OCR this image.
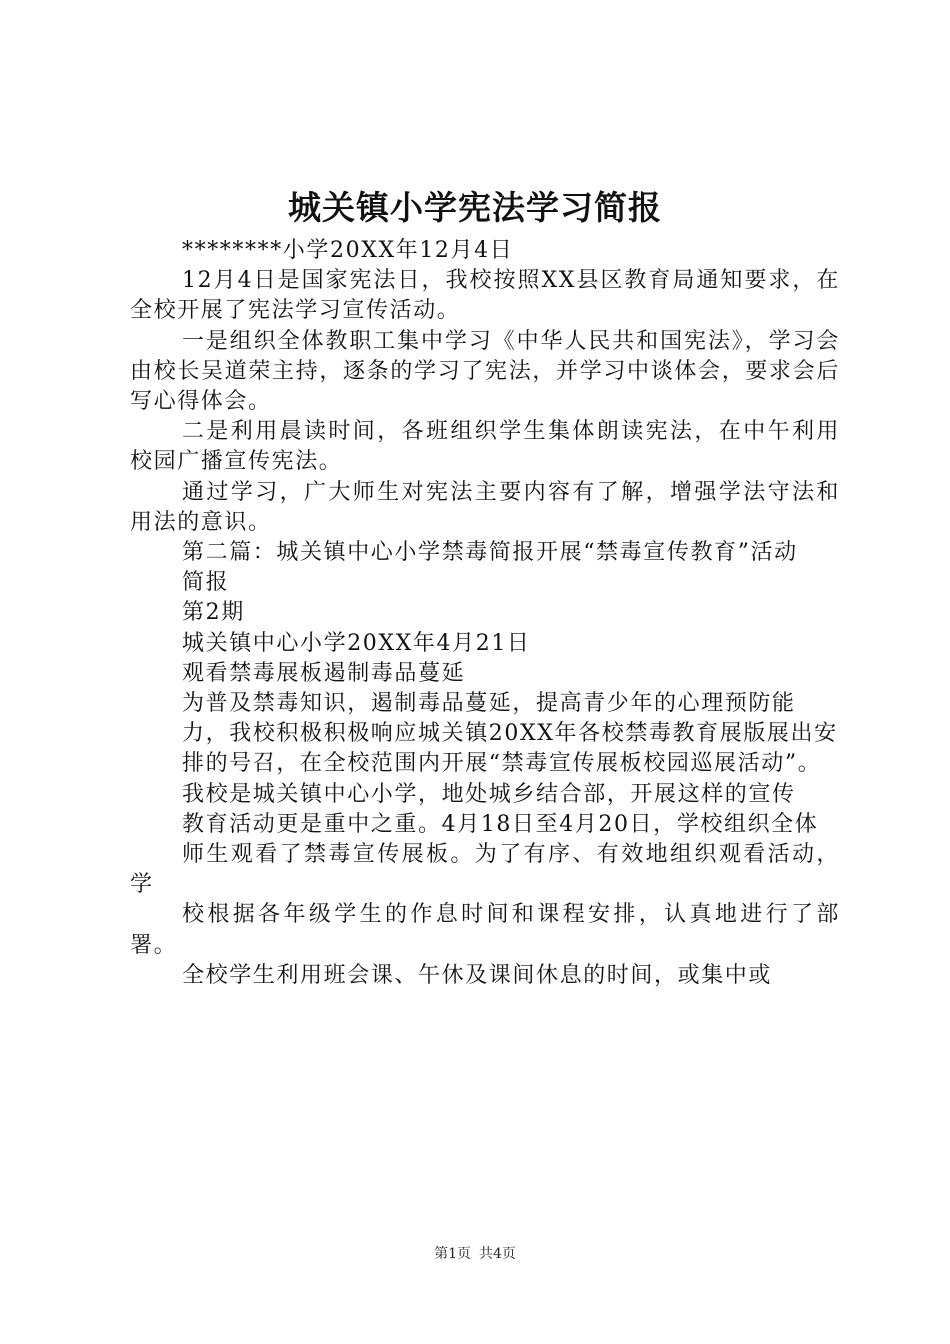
城关镇小学宪法学习简报

********小学20XX年12月4日

12月4日是国家宪法日，我校按照XX县区教育局通知要求，在全校开展了宪法学习宣传活动。

一是组织全体教职工集中学习《中华人民共和国宪法》，学习会由校长吴道荣主持，逐条的学习了宪法，并学习中谈体会，要求会后写心得体会。

二是利用晨读时间，各班组织学生集体朗读宪法，在中午利用校园广播宣传宪法。

通过学习，广大师生对宪法主要内容有了解，增强学法守法和用法的意识。

第二篇：城关镇中心小学禁毒简报开展“禁毒宣传教育”活动

简报

第2期

城关镇中心小学20XX年4月21日

观看禁毒展板遏制毒品蔓延

为普及禁毒知识，遏制毒品蔓延，提高青少年的心理预防能

力，我校积极积极响应城关镇20XX年各校禁毒教育展版展出安

排的号召，在全校范围内开展“禁毒宣传展板校园巡展活动”。

我校是城关镇中心小学，地处城乡结合部，开展这样的宣传

教育活动更是重中之重。4月18日至4月20日，学校组织全体

师生观看了禁毒宣传展板。为了有序、有效地组织观看活动，学

校根据各年级学生的作息时间和课程安排，认真地进行了部署。

全校学生利用班会课、午休及课间休息的时间，或集中或

第1页 共4页
